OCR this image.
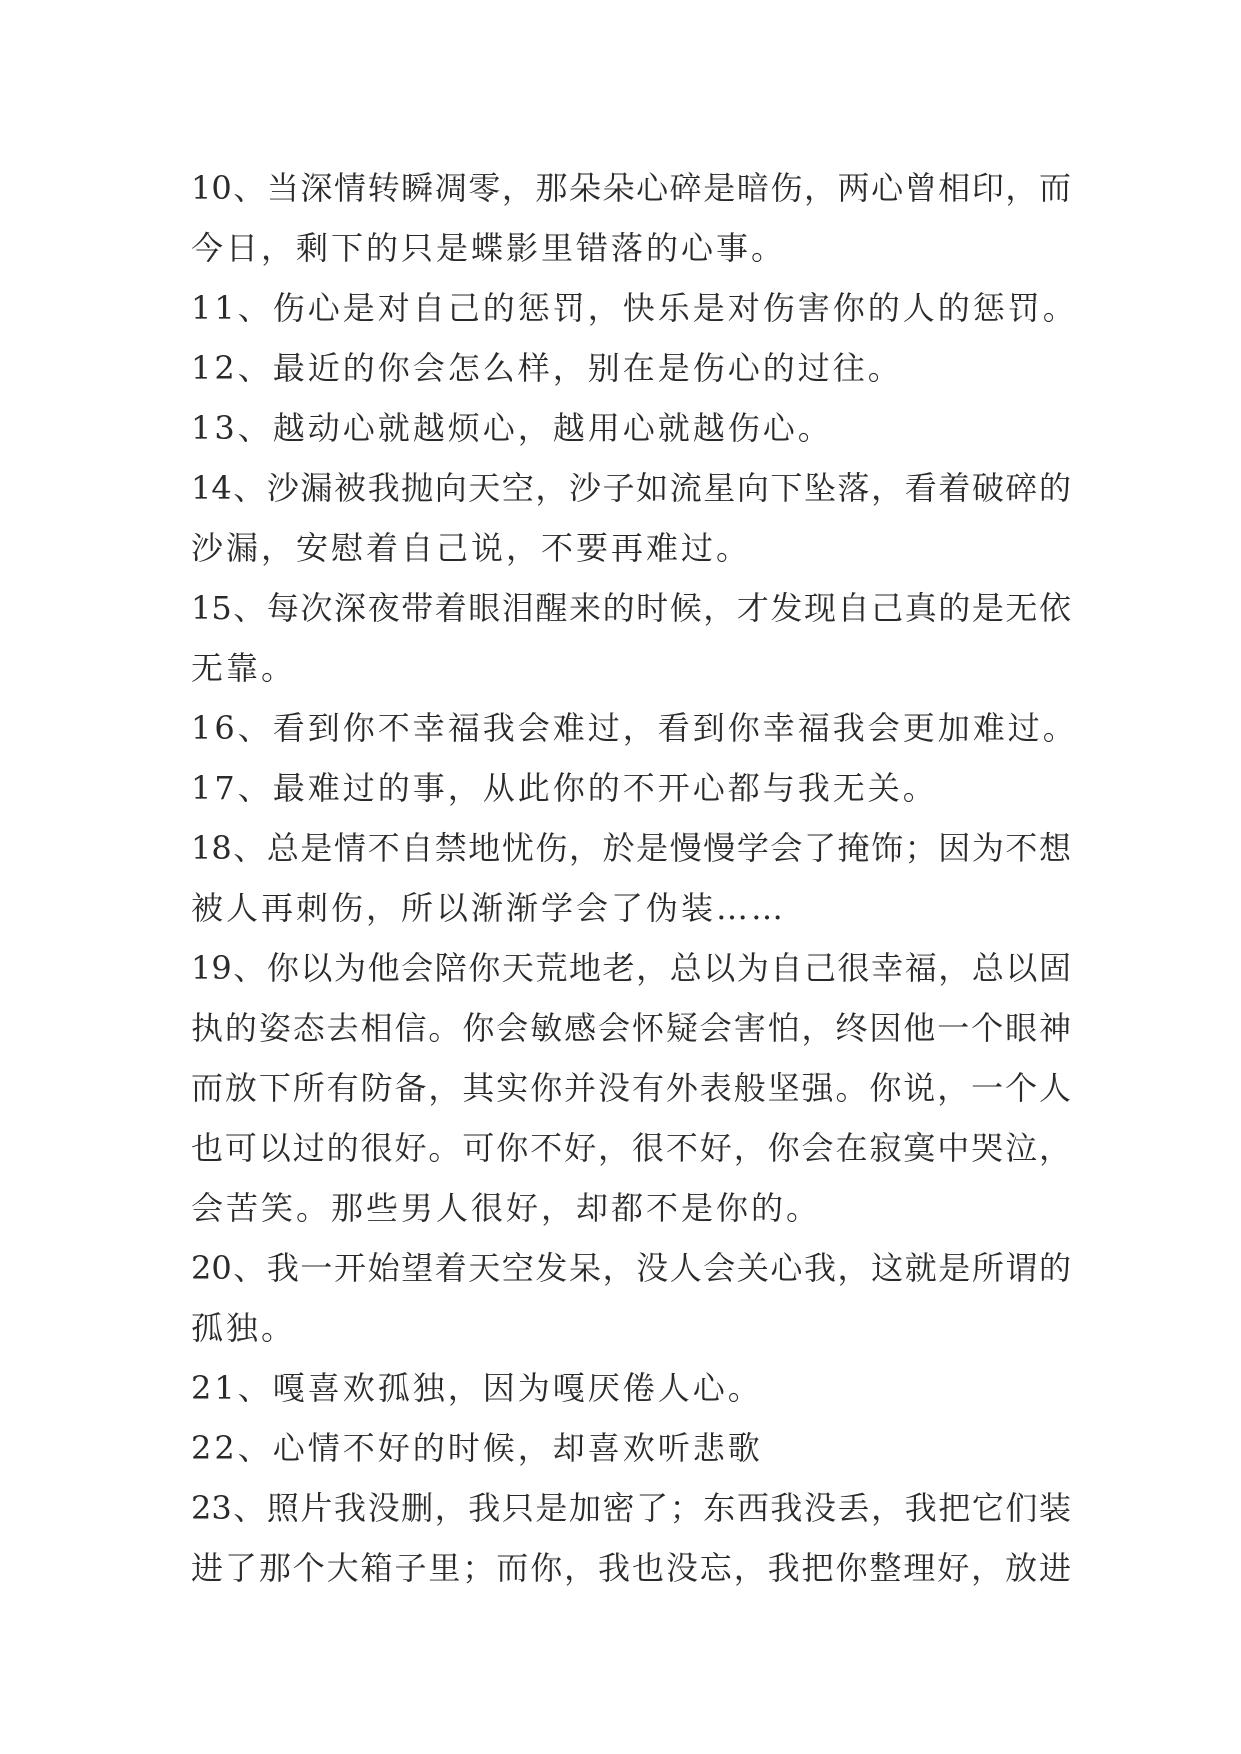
10、当深情转瞬凋零，那朵朵心碎是暗伤，两心曾相印，而
今日，剩下的只是蝶影里错落的心事。
11、伤心是对自己的惩罚，快乐是对伤害你的人的惩罚。
12、最近的你会怎么样，别在是伤心的过往。
13、越动心就越烦心，越用心就越伤心。
14、沙漏被我抛向天空，沙子如流星向下坠落，看着破碎的
沙漏，安慰着自己说，不要再难过。
15、每次深夜带着眼泪醒来的时候，才发现自己真的是无依
无靠。
16、看到你不幸福我会难过，看到你幸福我会更加难过。
17、最难过的事，从此你的不开心都与我无关。
18、总是情不自禁地忧伤，於是慢慢学会了掩饰；因为不想
被人再刺伤，所以渐渐学会了伪装……
19、你以为他会陪你天荒地老，总以为自己很幸福，总以固
执的姿态去相信。你会敏感会怀疑会害怕，终因他一个眼神
而放下所有防备，其实你并没有外表般坚强。你说，一个人
也可以过的很好。可你不好，很不好，你会在寂寞中哭泣，
会苦笑。那些男人很好，却都不是你的。
20、我一开始望着天空发呆，没人会关心我，这就是所谓的
孤独。
21、嘎喜欢孤独，因为嘎厌倦人心。
22、心情不好的时候，却喜欢听悲歌
23、照片我没删，我只是加密了；东西我没丢，我把它们装
进了那个大箱子里；而你，我也没忘，我把你整理好，放进
